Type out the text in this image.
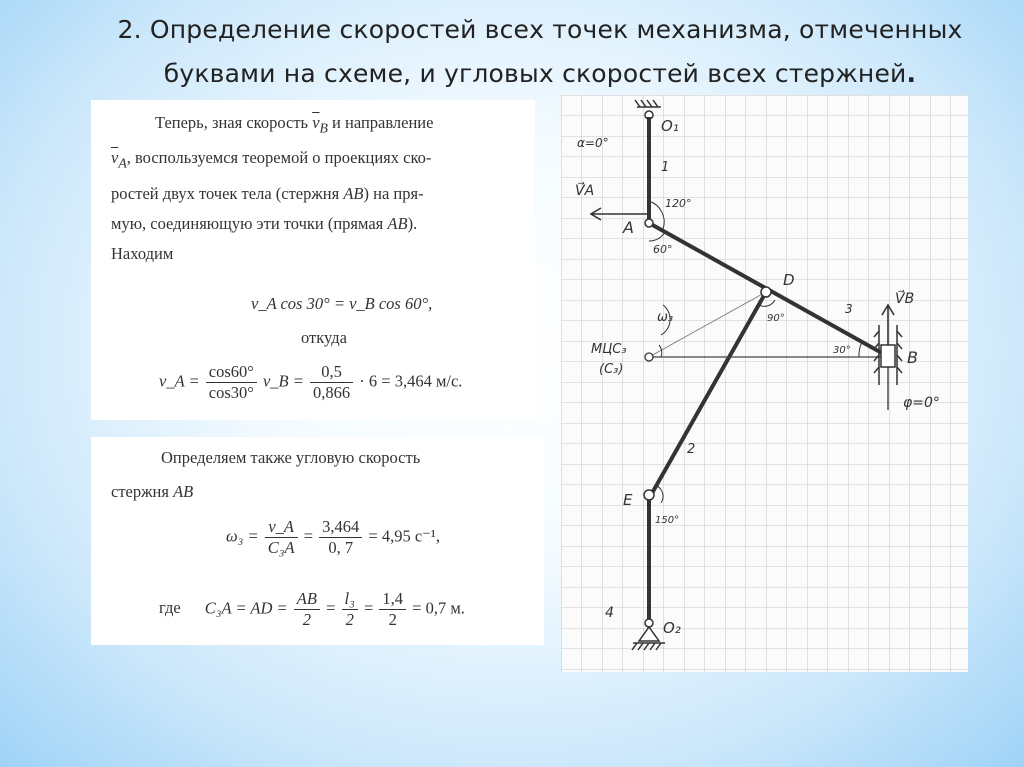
2. Определение скоростей всех точек механизма, отмеченных
буквами на схеме, и угловых скоростей всех стержней.
Теперь, зная скорость $\overline{v}_B$ и направление
$\overline{v}_A$, воспользуемся теоремой о проекциях ско-
ростей двух точек тела (стержня AB) на пря-
мую, соединяющую эти точки (прямая AB).
Находим
v_A cos 30° = v_B cos 60°,
откуда
v_A = $\frac{\cos 60^\circ}{\cos 30^\circ}$ v_B = $\frac{0,5}{0,866} \cdot 6 = 3,464$ м/с.
Определяем также угловую скорость
стержня AB
$\omega_3 = \frac{v\_A}{\text{C₃A}} = \frac{3,464}{0, 7} = 4,95$ с⁻¹,
где C₃A = AD = $\frac{AB}{2} = \frac{\text{l₃}}{2} = \frac{1,4}{2} = 0,7$ м.
O₁
α=0°
1
V⃗A
120°
A
60°
D
3
V⃗B
ω₃	90°
МЦС₃
(C₃)
30°	B
φ=0°
2
E
150°
4
O₂
